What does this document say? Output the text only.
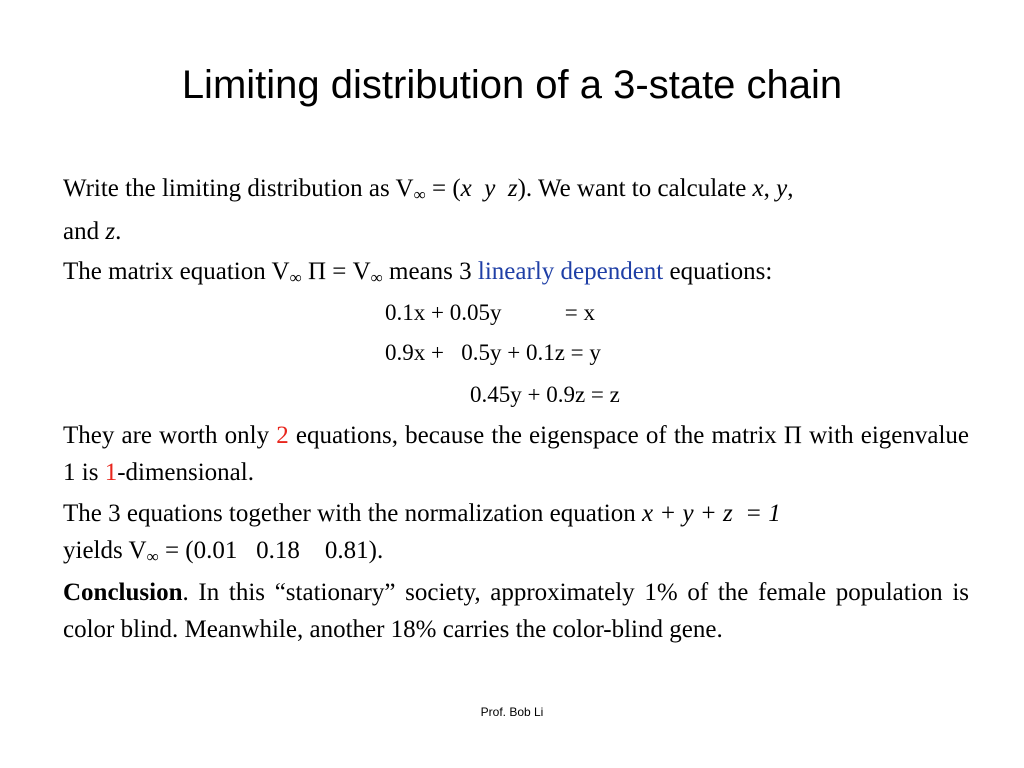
Limiting distribution of a 3-state chain
Write the limiting distribution as V∞ = (x y z). We want to calculate x, y,
and z.
The matrix equation V∞ Π = V∞ means 3 linearly dependent equations:
0.1x + 0.05y           = x
0.9x +   0.5y + 0.1z = y
0.45y + 0.9z = z
They are worth only 2 equations, because the eigenspace of the matrix Π with eigenvalue 1 is 1-dimensional.
The 3 equations together with the normalization equation x + y + z  = 1
yields V∞ = (0.01   0.18    0.81).
Conclusion. In this “stationary” society, approximately 1% of the female population is color blind. Meanwhile, another 18% carries the color-blind gene.
Prof. Bob Li
